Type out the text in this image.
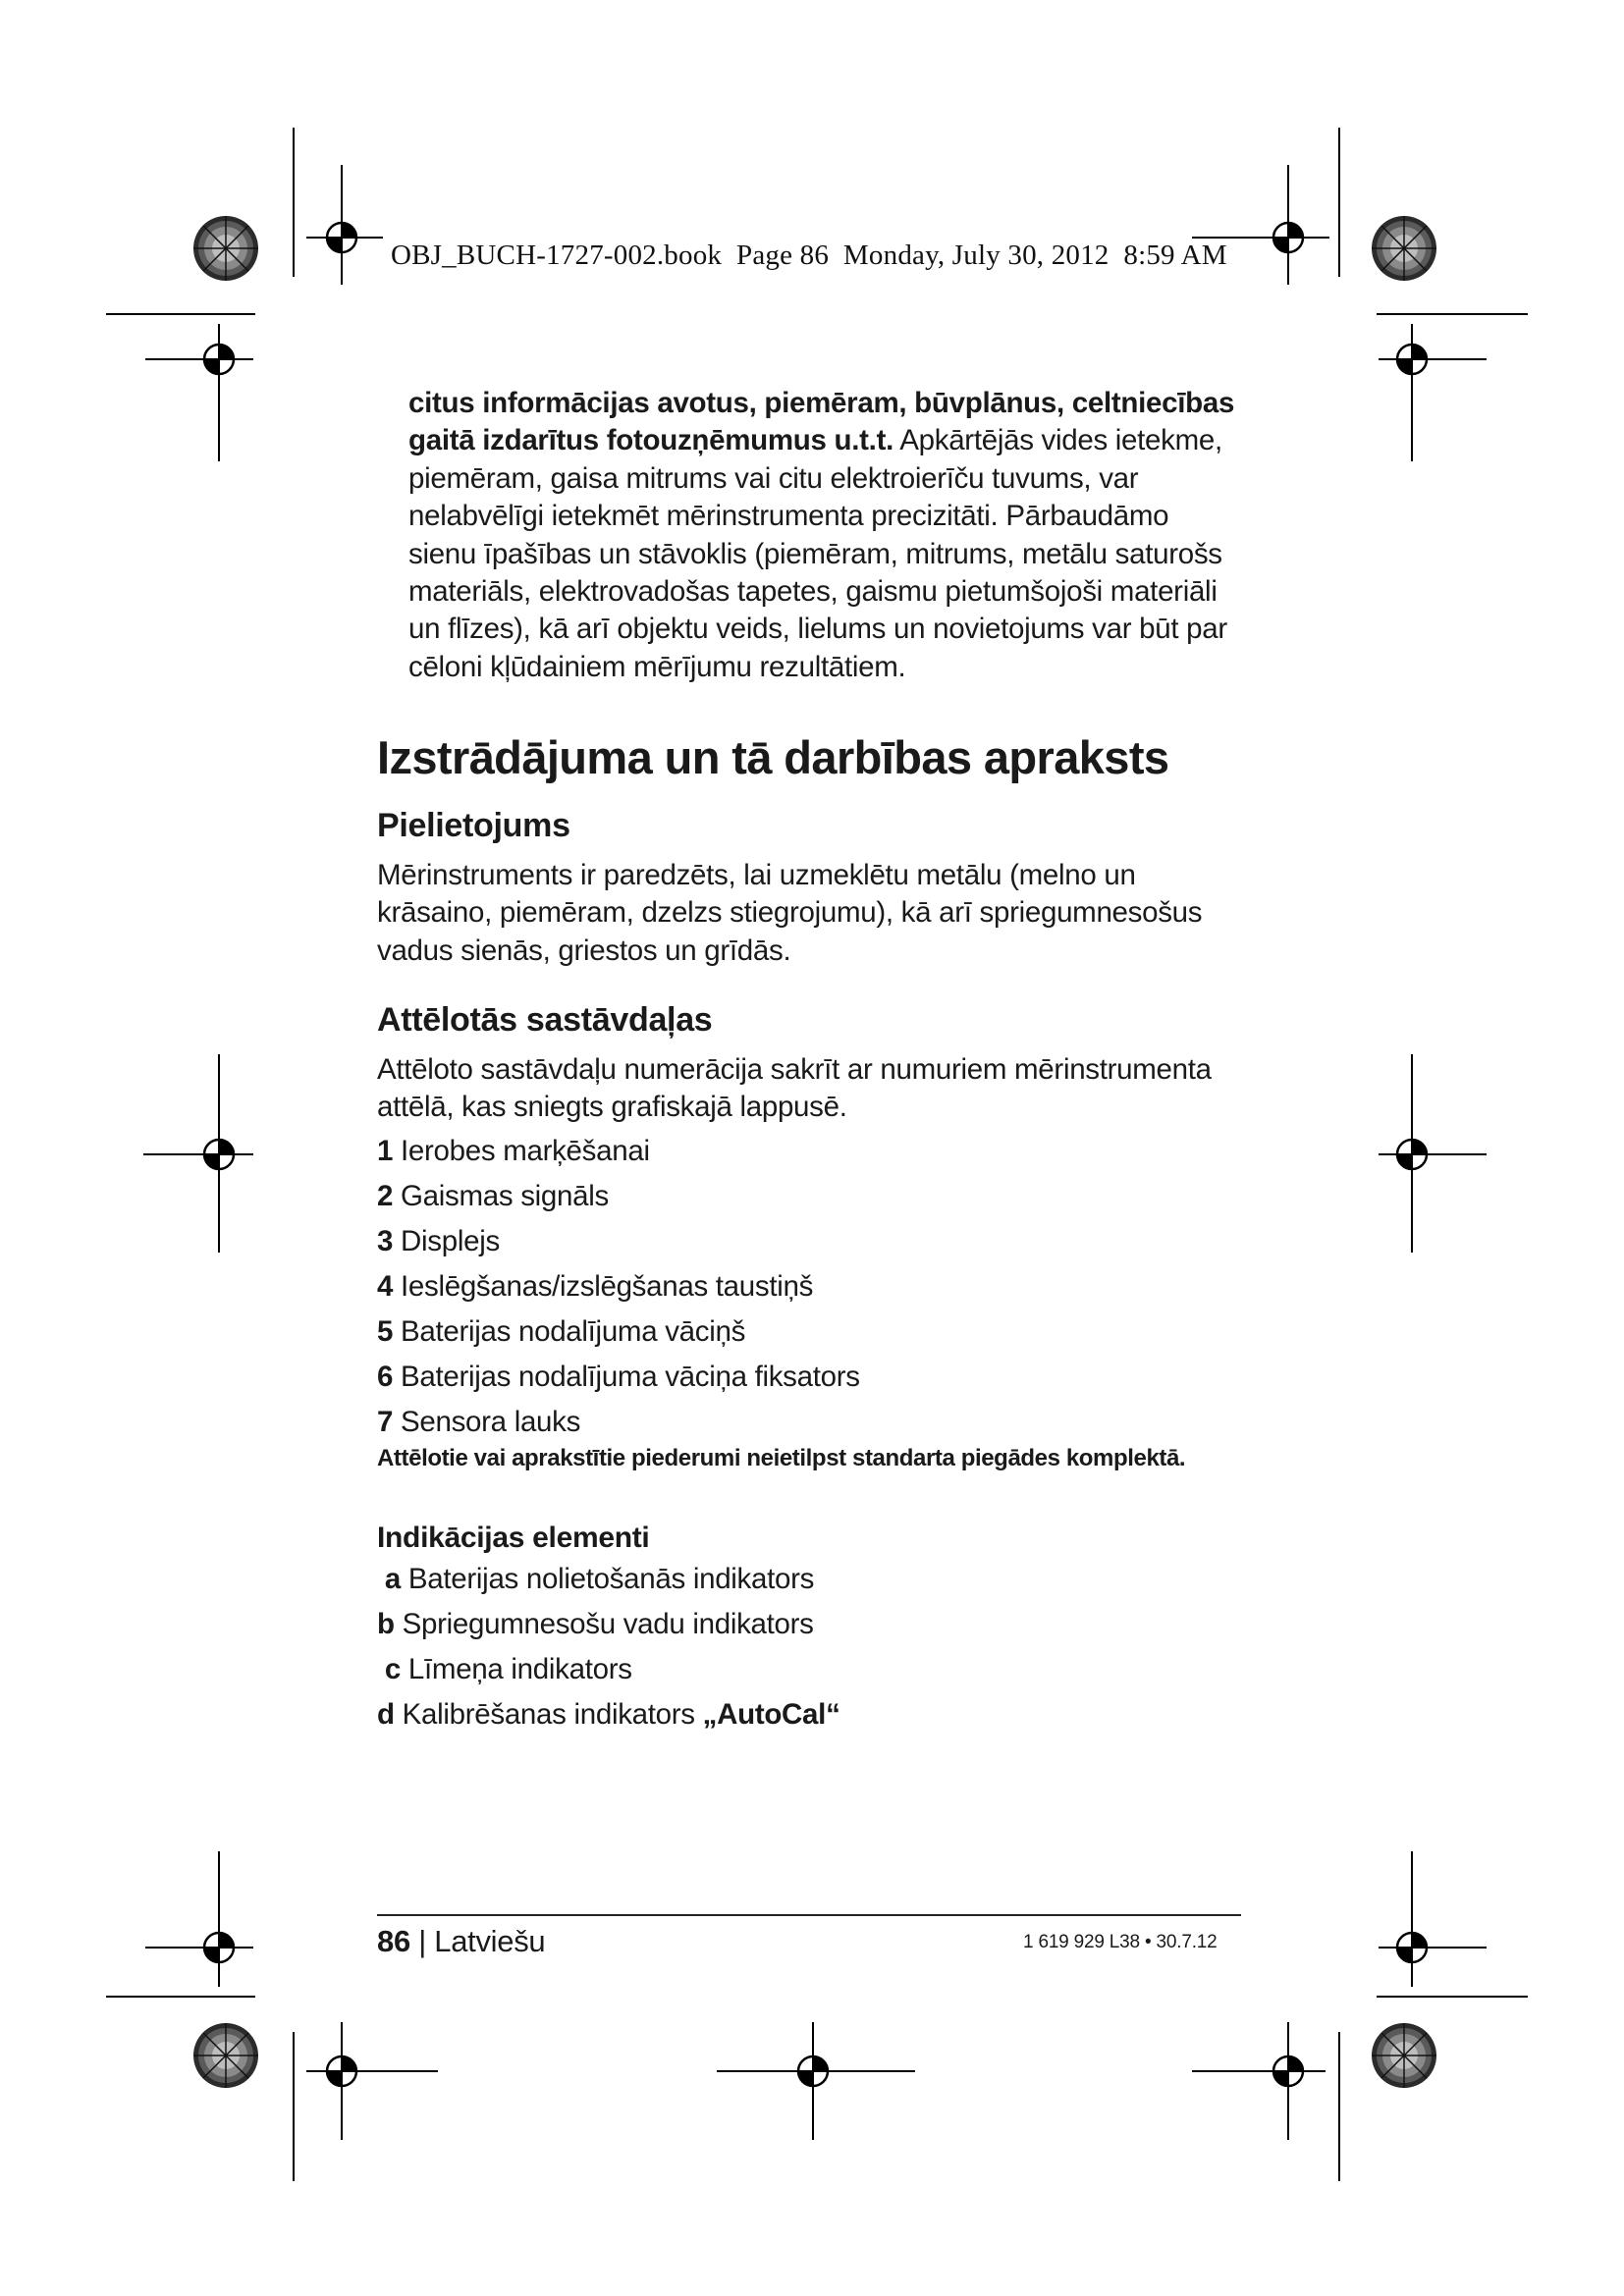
OBJ_BUCH-1727-002.book  Page 86  Monday, July 30, 2012  8:59 AM

citus informācijas avotus, piemēram, būvplānus, celtniecības gaitā izdarītus fotouzņēmumus u.t.t. Apkārtējās vides ietekme, piemēram, gaisa mitrums vai citu elektroierīču tuvums, var nelabvēlīgi ietekmēt mērinstrumenta precizitāti. Pārbaudāmo sienu īpašības un stāvoklis (piemēram, mitrums, metālu saturošs materiāls, elektrovadošas tapetes, gaismu pietumšojoši materiāli un flīzes), kā arī objektu veids, lielums un novietojums var būt par cēloni kļūdainiem mērījumu rezultātiem.

Izstrādājuma un tā darbības apraksts
Pielietojums

Mērinstruments ir paredzēts, lai uzmeklētu metālu (melno un krāsaino, piemēram, dzelzs stiegrojumu), kā arī spriegumnesošus vadus sienās, griestos un grīdās.

Attēlotās sastāvdaļas

Attēloto sastāvdaļu numerācija sakrīt ar numuriem mērinstrumenta attēlā, kas sniegts grafiskajā lappusē.

1 Ierobes marķēšanai
2 Gaismas signāls
3 Displejs
4 Ieslēgšanas/izslēgšanas taustiņš
5 Baterijas nodalījuma vāciņš
6 Baterijas nodalījuma vāciņa fiksators
7 Sensora lauks

Attēlotie vai aprakstītie piederumi neietilpst standarta piegādes komplektā.

Indikācijas elementi
a Baterijas nolietošanās indikators
b Spriegumnesošu vadu indikators
c Līmeņa indikators
d Kalibrēšanas indikators „AutoCal“
86 | Latviešu	1 619 929 L38 • 30.7.12
